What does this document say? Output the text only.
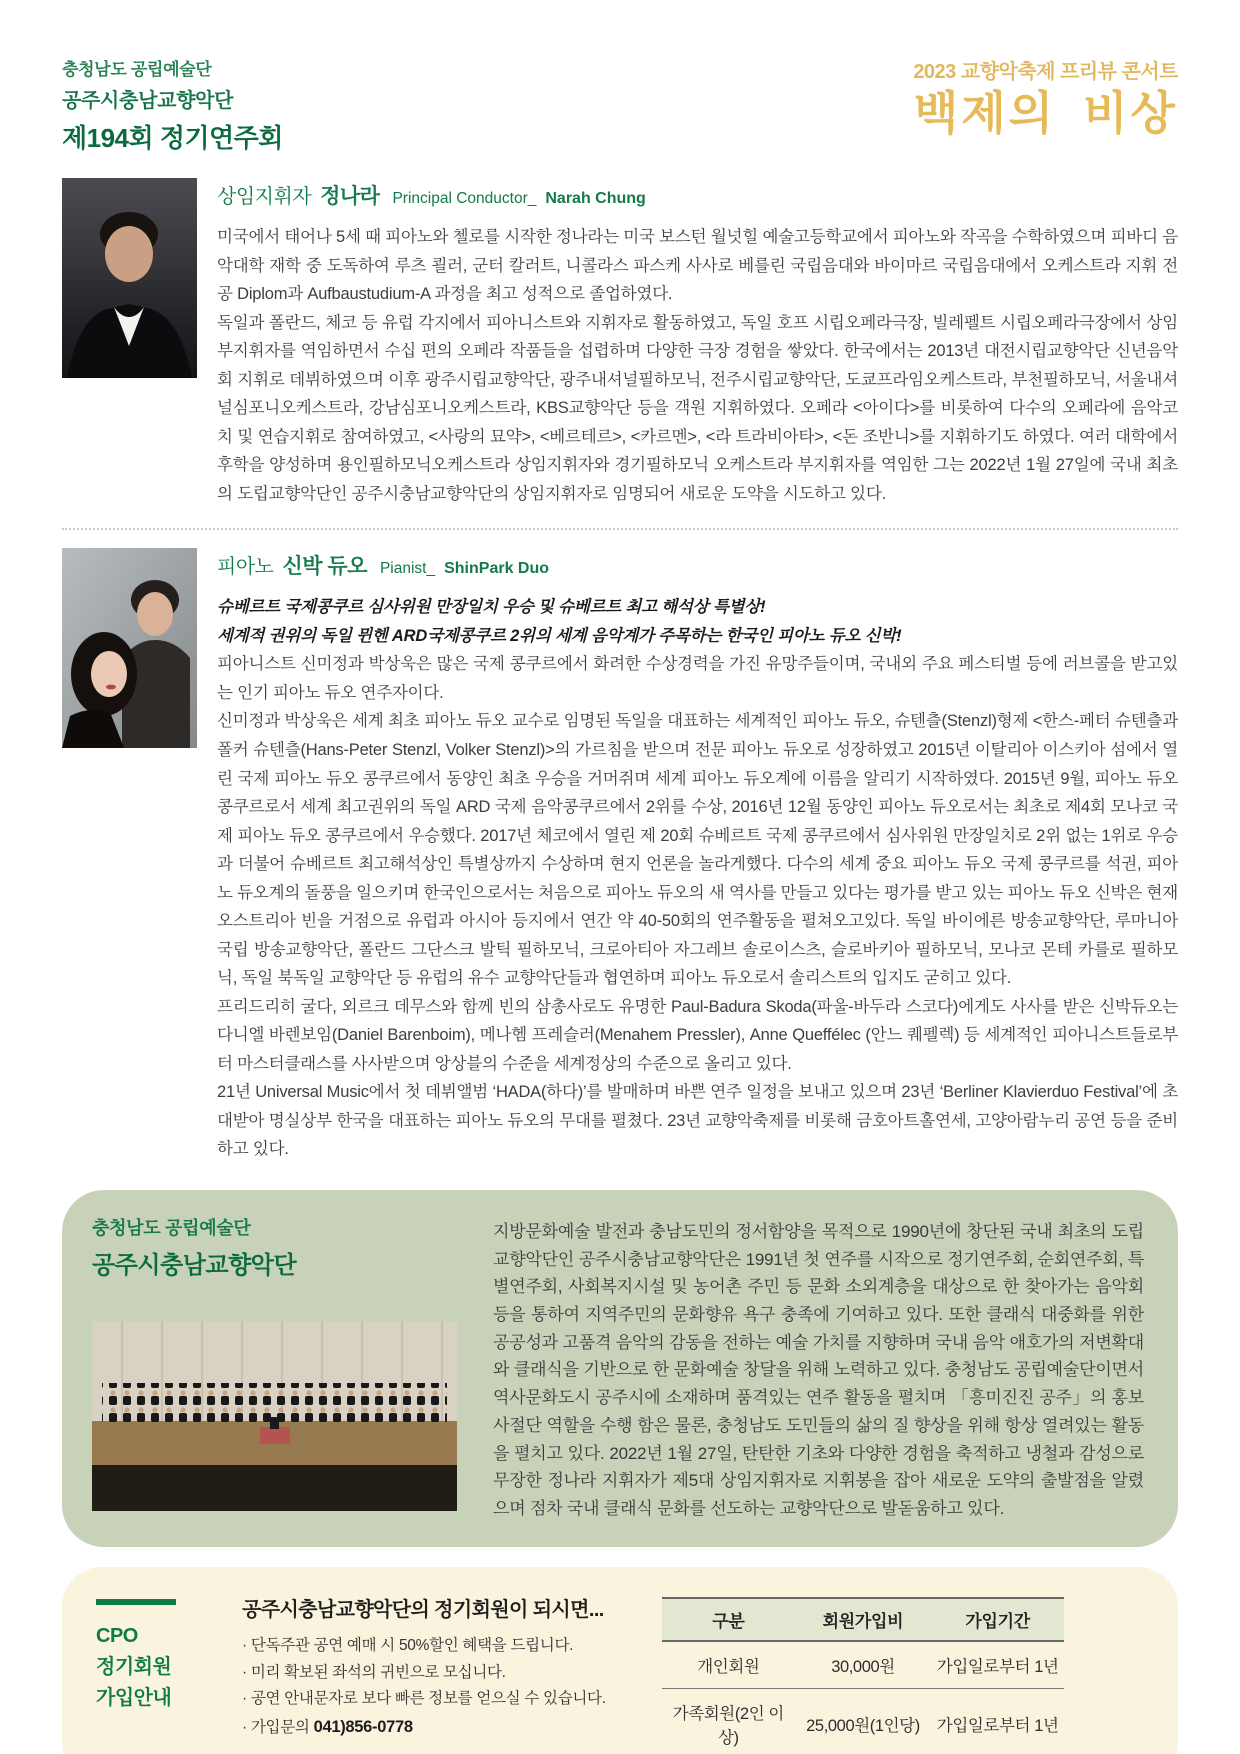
충청남도 공립예술단
공주시충남교향악단
제194회 정기연주회
2023 교향악축제 프리뷰 콘서트
백제의 비상
상임지휘자 정나라 Principal Conductor_ Narah Chung

미국에서 태어나 5세 때 피아노와 첼로를 시작한 정나라는 미국 보스턴 월넛힐 예술고등학교에서 피아노와 작곡을 수학하였으며 피바디 음악대학 재학 중 도독하여 루츠 쾰러, 군터 칼러트, 니콜라스 파스케 사사로 베를린 국립음대와 바이마르 국립음대에서 오케스트라 지휘 전공 Diplom과 Aufbaustudium-A 과정을 최고 성적으로 졸업하였다.

독일과 폴란드, 체코 등 유럽 각지에서 피아니스트와 지휘자로 활동하였고, 독일 호프 시립오페라극장, 빌레펠트 시립오페라극장에서 상임부지휘자를 역임하면서 수십 편의 오페라 작품들을 섭렵하며 다양한 극장 경험을 쌓았다. 한국에서는 2013년 대전시립교향악단 신년음악회 지휘로 데뷔하였으며 이후 광주시립교향악단, 광주내셔널필하모닉, 전주시립교향악단, 도쿄프라임오케스트라, 부천필하모닉, 서울내셔널심포니오케스트라, 강남심포니오케스트라, KBS교향악단 등을 객원 지휘하였다. 오페라 <아이다>를 비롯하여 다수의 오페라에 음악코치 및 연습지휘로 참여하였고, <사랑의 묘약>, <베르테르>, <카르멘>, <라 트라비아타>, <돈 조반니>를 지휘하기도 하였다. 여러 대학에서 후학을 양성하며 용인필하모닉오케스트라 상임지휘자와 경기필하모닉 오케스트라 부지휘자를 역임한 그는 2022년 1월 27일에 국내 최초의 도립교향악단인 공주시충남교향악단의 상임지휘자로 임명되어 새로운 도약을 시도하고 있다.

피아노 신박 듀오 Pianist_ ShinPark Duo

슈베르트 국제콩쿠르 심사위원 만장일치 우승 및 슈베르트 최고 해석상 특별상!

세계적 권위의 독일 뮌헨 ARD국제콩쿠르 2위의 세계 음악계가 주목하는 한국인 피아노 듀오 신박!

피아니스트 신미정과 박상욱은 많은 국제 콩쿠르에서 화려한 수상경력을 가진 유망주들이며, 국내외 주요 페스티벌 등에 러브콜을 받고있는 인기 피아노 듀오 연주자이다.

신미정과 박상욱은 세계 최초 피아노 듀오 교수로 임명된 독일을 대표하는 세계적인 피아노 듀오, 슈텐츨(Stenzl)형제 <한스-페터 슈텐츨과 폴커 슈텐츨(Hans-Peter Stenzl, Volker Stenzl)>의 가르침을 받으며 전문 피아노 듀오로 성장하였고 2015년 이탈리아 이스키아 섬에서 열린 국제 피아노 듀오 콩쿠르에서 동양인 최초 우승을 거머쥐며 세계 피아노 듀오계에 이름을 알리기 시작하였다. 2015년 9월, 피아노 듀오 콩쿠르로서 세계 최고권위의 독일 ARD 국제 음악콩쿠르에서 2위를 수상, 2016년 12월 동양인 피아노 듀오로서는 최초로 제4회 모나코 국제 피아노 듀오 콩쿠르에서 우승했다. 2017년 체코에서 열린 제 20회 슈베르트 국제 콩쿠르에서 심사위원 만장일치로 2위 없는 1위로 우승과 더불어 슈베르트 최고해석상인 특별상까지 수상하며 현지 언론을 놀라게했다. 다수의 세계 중요 피아노 듀오 국제 콩쿠르를 석권, 피아노 듀오계의 돌풍을 일으키며 한국인으로서는 처음으로 피아노 듀오의 새 역사를 만들고 있다는 평가를 받고 있는 피아노 듀오 신박은 현재 오스트리아 빈을 거점으로 유럽과 아시아 등지에서 연간 약 40-50회의 연주활동을 펼쳐오고있다. 독일 바이에른 방송교향악단, 루마니아 국립 방송교향악단, 폴란드 그단스크 발틱 필하모닉, 크로아티아 자그레브 솔로이스츠, 슬로바키아 필하모닉, 모나코 몬테 카를로 필하모닉, 독일 북독일 교향악단 등 유럽의 유수 교향악단들과 협연하며 피아노 듀오로서 솔리스트의 입지도 굳히고 있다.

프리드리히 굴다, 외르크 데무스와 함께 빈의 삼총사로도 유명한 Paul-Badura Skoda(파울-바두라 스코다)에게도 사사를 받은 신박듀오는 다니엘 바렌보임(Daniel Barenboim), 메나헴 프레슬러(Menahem Pressler), Anne Queffélec (안느 퀘펠렉) 등 세계적인 피아니스트들로부터 마스터클래스를 사사받으며 앙상블의 수준을 세계정상의 수준으로 올리고 있다.

21년 Universal Music에서 첫 데뷔앨범 ‘HADA(하다)’를 발매하며 바쁜 연주 일정을 보내고 있으며 23년 ‘Berliner Klavierduo Festival’에 초대받아 명실상부 한국을 대표하는 피아노 듀오의 무대를 펼쳤다. 23년 교향악축제를 비롯해 금호아트홀연세, 고양아람누리 공연 등을 준비하고 있다.

충청남도 공립예술단
공주시충남교향악단
지방문화예술 발전과 충남도민의 정서함양을 목적으로 1990년에 창단된 국내 최초의 도립교향악단인 공주시충남교향악단은 1991년 첫 연주를 시작으로 정기연주회, 순회연주회, 특별연주회, 사회복지시설 및 농어촌 주민 등 문화 소외계층을 대상으로 한 찾아가는 음악회 등을 통하여 지역주민의 문화향유 욕구 충족에 기여하고 있다. 또한 클래식 대중화를 위한 공공성과 고품격 음악의 감동을 전하는 예술 가치를 지향하며 국내 음악 애호가의 저변확대와 클래식을 기반으로 한 문화예술 창달을 위해 노력하고 있다. 충청남도 공립예술단이면서 역사문화도시 공주시에 소재하며 품격있는 연주 활동을 펼치며 「흥미진진 공주」의 홍보사절단 역할을 수행 함은 물론, 충청남도 도민들의 삶의 질 향상을 위해 항상 열려있는 활동을 펼치고 있다. 2022년 1월 27일, 탄탄한 기초와 다양한 경험을 축적하고 냉철과 감성으로 무장한 정나라 지휘자가 제5대 상임지휘자로 지휘봉을 잡아 새로운 도약의 출발점을 알렸으며 점차 국내 클래식 문화를 선도하는 교향악단으로 발돋움하고 있다.
CPO
정기회원
가입안내
공주시충남교향악단의 정기회원이 되시면...
· 단독주관 공연 예매 시 50%할인 혜택을 드립니다.
· 미리 확보된 좌석의 귀빈으로 모십니다.
· 공연 안내문자로 보다 빠른 정보를 얻으실 수 있습니다.
· 가입문의 041)856-0778
구분	회원가입비	가입기간
개인회원	30,000원	가입일로부터 1년
가족회원(2인 이상)	25,000원(1인당)	가입일로부터 1년
